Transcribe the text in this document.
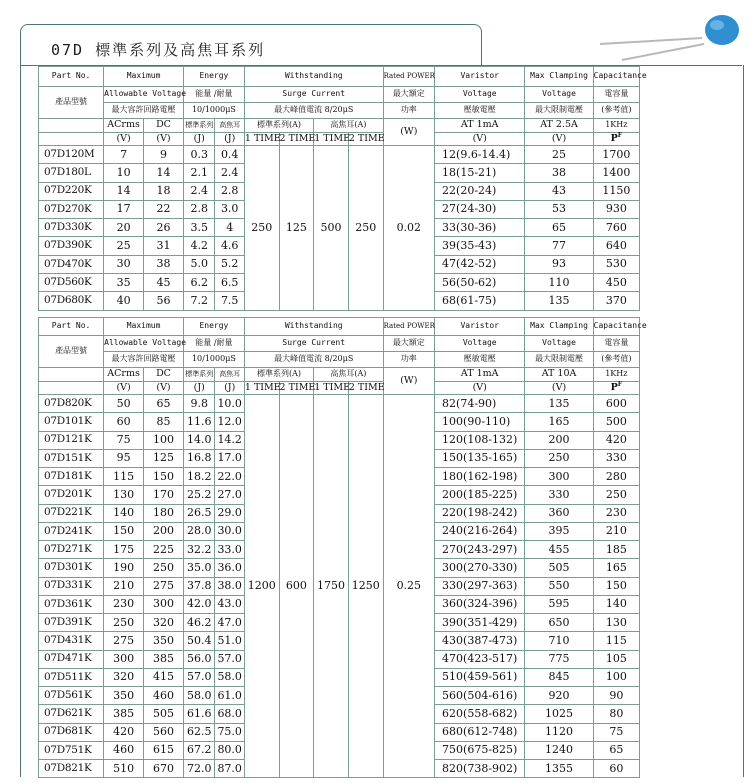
07D 標準系列及高焦耳系列
Part No.	Maximum		Energy		Withstanding				Rated POWER	Varistor	Max Clamping	Capacitance
產品型號	Allowable Voltage		能量 /耐量		Surge Current				最大額定	Voltage	Voltage	電容量
	最大容許回路電壓		10/1000μS		最大峰值電流 8/20μS				功率	壓敏電壓	最大限制電壓	(參考值)
	ACrms	DC	標準系列	高焦耳	標準系列(A)		高焦耳(A)		(W)	AT 1mA	AT 2.5A	1KHz
	(V)	(V)	(J)	(J)	1 TIME	2 TIME	1 TIME	2 TIME		(V)	(V)	$P^F$
07D120M	7	9	0.3	0.4	250	125	500	250	0.02	12(9.6-14.4)	25	1700
07D180L	10	14	2.1	2.4						18(15-21)	38	1400
07D220K	14	18	2.4	2.8						22(20-24)	43	1150
07D270K	17	22	2.8	3.0						27(24-30)	53	930
07D330K	20	26	3.5	4						33(30-36)	65	760
07D390K	25	31	4.2	4.6						39(35-43)	77	640
07D470K	30	38	5.0	5.2						47(42-52)	93	530
07D560K	35	45	6.2	6.5						56(50-62)	110	450
07D680K	40	56	7.2	7.5						68(61-75)	135	370
Part No.	Maximum		Energy		Withstanding				Rated POWER	Varistor	Max Clamping	Capacitance
產品型號	Allowable Voltage		能量 /耐量		Surge Current				最大額定	Voltage	Voltage	電容量
	最大容許回路電壓		10/1000μS		最大峰值電流 8/20μS				功率	壓敏電壓	最大限制電壓	(參考值)
	ACrms	DC	標準系列	高焦耳	標準系列(A)		高焦耳(A)		(W)	AT 1mA	AT 10A	1KHz
	(V)	(V)	(J)	(J)	1 TIME	2 TIME	1 TIME	2 TIME		(V)	(V)	$P^F$
07D820K	50	65	9.8	10.0	1200	600	1750	1250	0.25	82(74-90)	135	600
07D101K	60	85	11.6	12.0						100(90-110)	165	500
07D121K	75	100	14.0	14.2						120(108-132)	200	420
07D151K	95	125	16.8	17.0						150(135-165)	250	330
07D181K	115	150	18.2	22.0						180(162-198)	300	280
07D201K	130	170	25.2	27.0						200(185-225)	330	250
07D221K	140	180	26.5	29.0						220(198-242)	360	230
07D241K	150	200	28.0	30.0						240(216-264)	395	210
07D271K	175	225	32.2	33.0						270(243-297)	455	185
07D301K	190	250	35.0	36.0						300(270-330)	505	165
07D331K	210	275	37.8	38.0						330(297-363)	550	150
07D361K	230	300	42.0	43.0						360(324-396)	595	140
07D391K	250	320	46.2	47.0						390(351-429)	650	130
07D431K	275	350	50.4	51.0						430(387-473)	710	115
07D471K	300	385	56.0	57.0						470(423-517)	775	105
07D511K	320	415	57.0	58.0						510(459-561)	845	100
07D561K	350	460	58.0	61.0						560(504-616)	920	90
07D621K	385	505	61.6	68.0						620(558-682)	1025	80
07D681K	420	560	62.5	75.0						680(612-748)	1120	75
07D751K	460	615	67.2	80.0						750(675-825)	1240	65
07D821K	510	670	72.0	87.0						820(738-902)	1355	60
